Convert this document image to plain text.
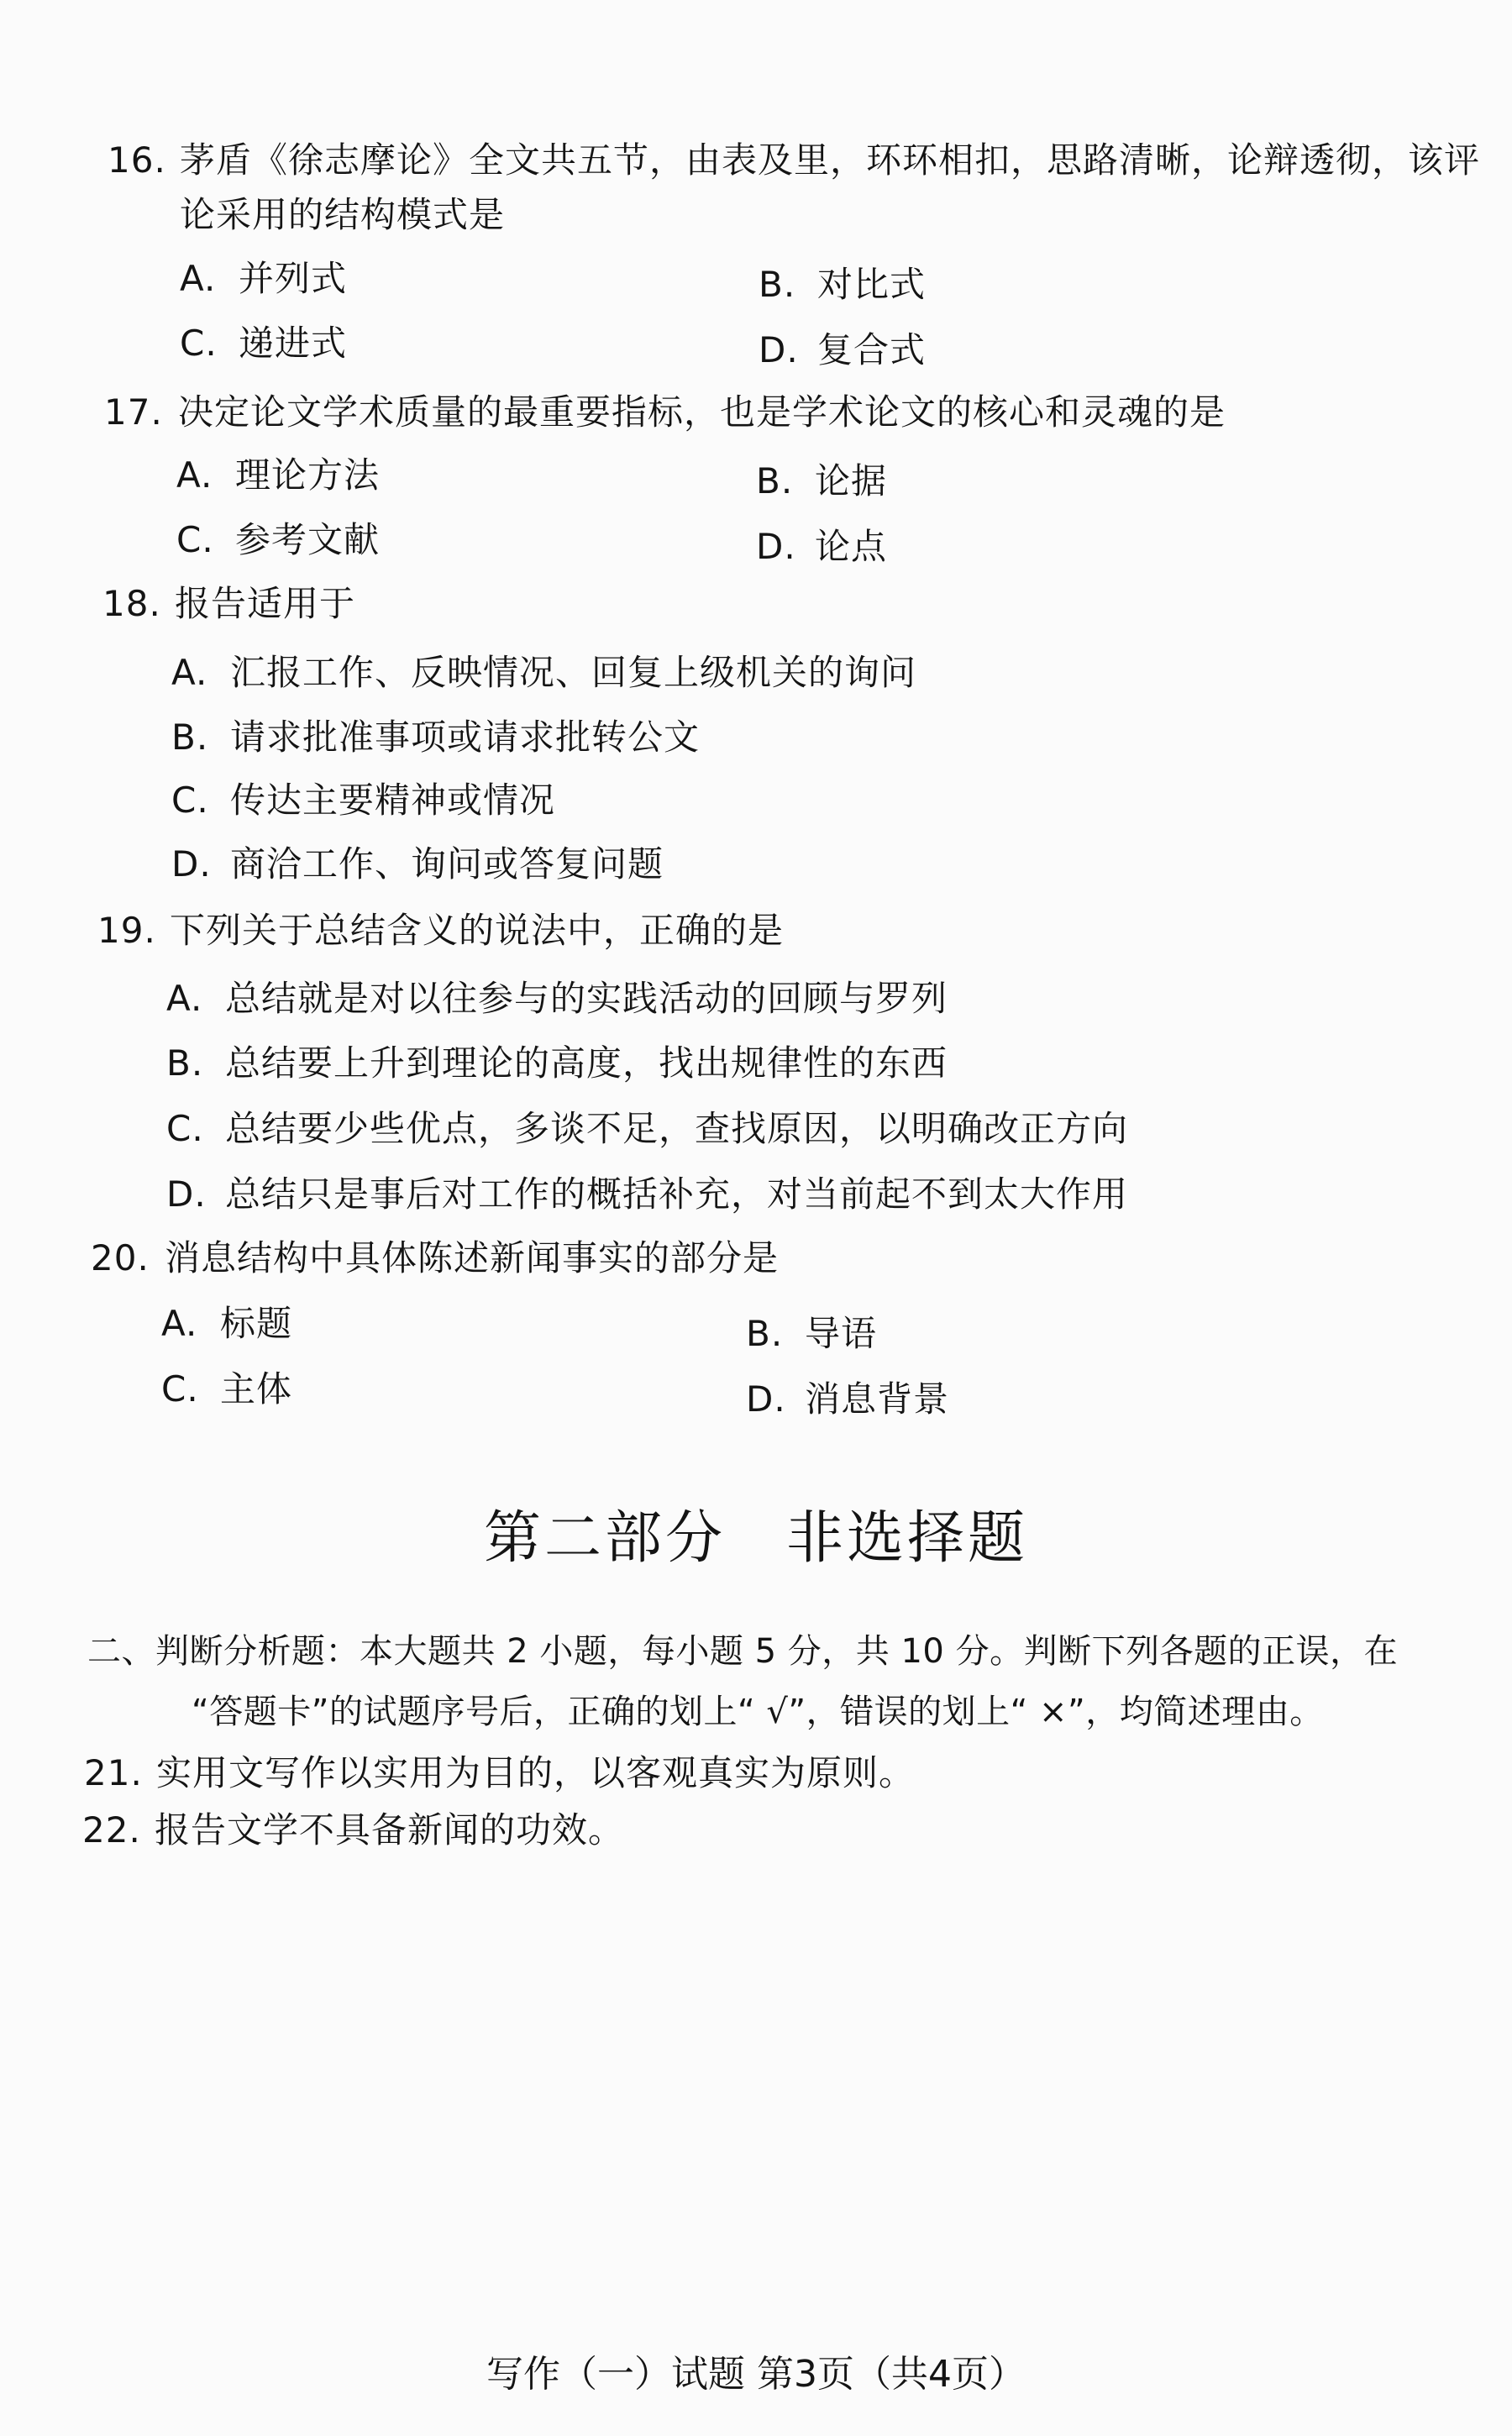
16. 茅盾《徐志摩论》全文共五节，由表及里，环环相扣，思路清晰，论辩透彻，该评
论采用的结构模式是
A. 并列式	B. 对比式
C. 递进式	D. 复合式
17. 决定论文学术质量的最重要指标，也是学术论文的核心和灵魂的是
A. 理论方法	B. 论据
C. 参考文献	D. 论点
18. 报告适用于
A. 汇报工作、反映情况、回复上级机关的询问
B. 请求批准事项或请求批转公文
C. 传达主要精神或情况
D. 商洽工作、询问或答复问题
19. 下列关于总结含义的说法中，正确的是
A. 总结就是对以往参与的实践活动的回顾与罗列
B. 总结要上升到理论的高度，找出规律性的东西
C. 总结要少些优点，多谈不足，查找原因，以明确改正方向
D. 总结只是事后对工作的概括补充，对当前起不到太大作用
20. 消息结构中具体陈述新闻事实的部分是
A. 标题	B. 导语
C. 主体	D. 消息背景
第二部分　非选择题
二、判断分析题：本大题共 2 小题，每小题 5 分，共 10 分。判断下列各题的正误，在
“答题卡”的试题序号后，正确的划上“ √”，错误的划上“ ×”，均简述理由。
21. 实用文写作以实用为目的，以客观真实为原则。
22. 报告文学不具备新闻的功效。
写作（一）试题 第3页（共4页）
